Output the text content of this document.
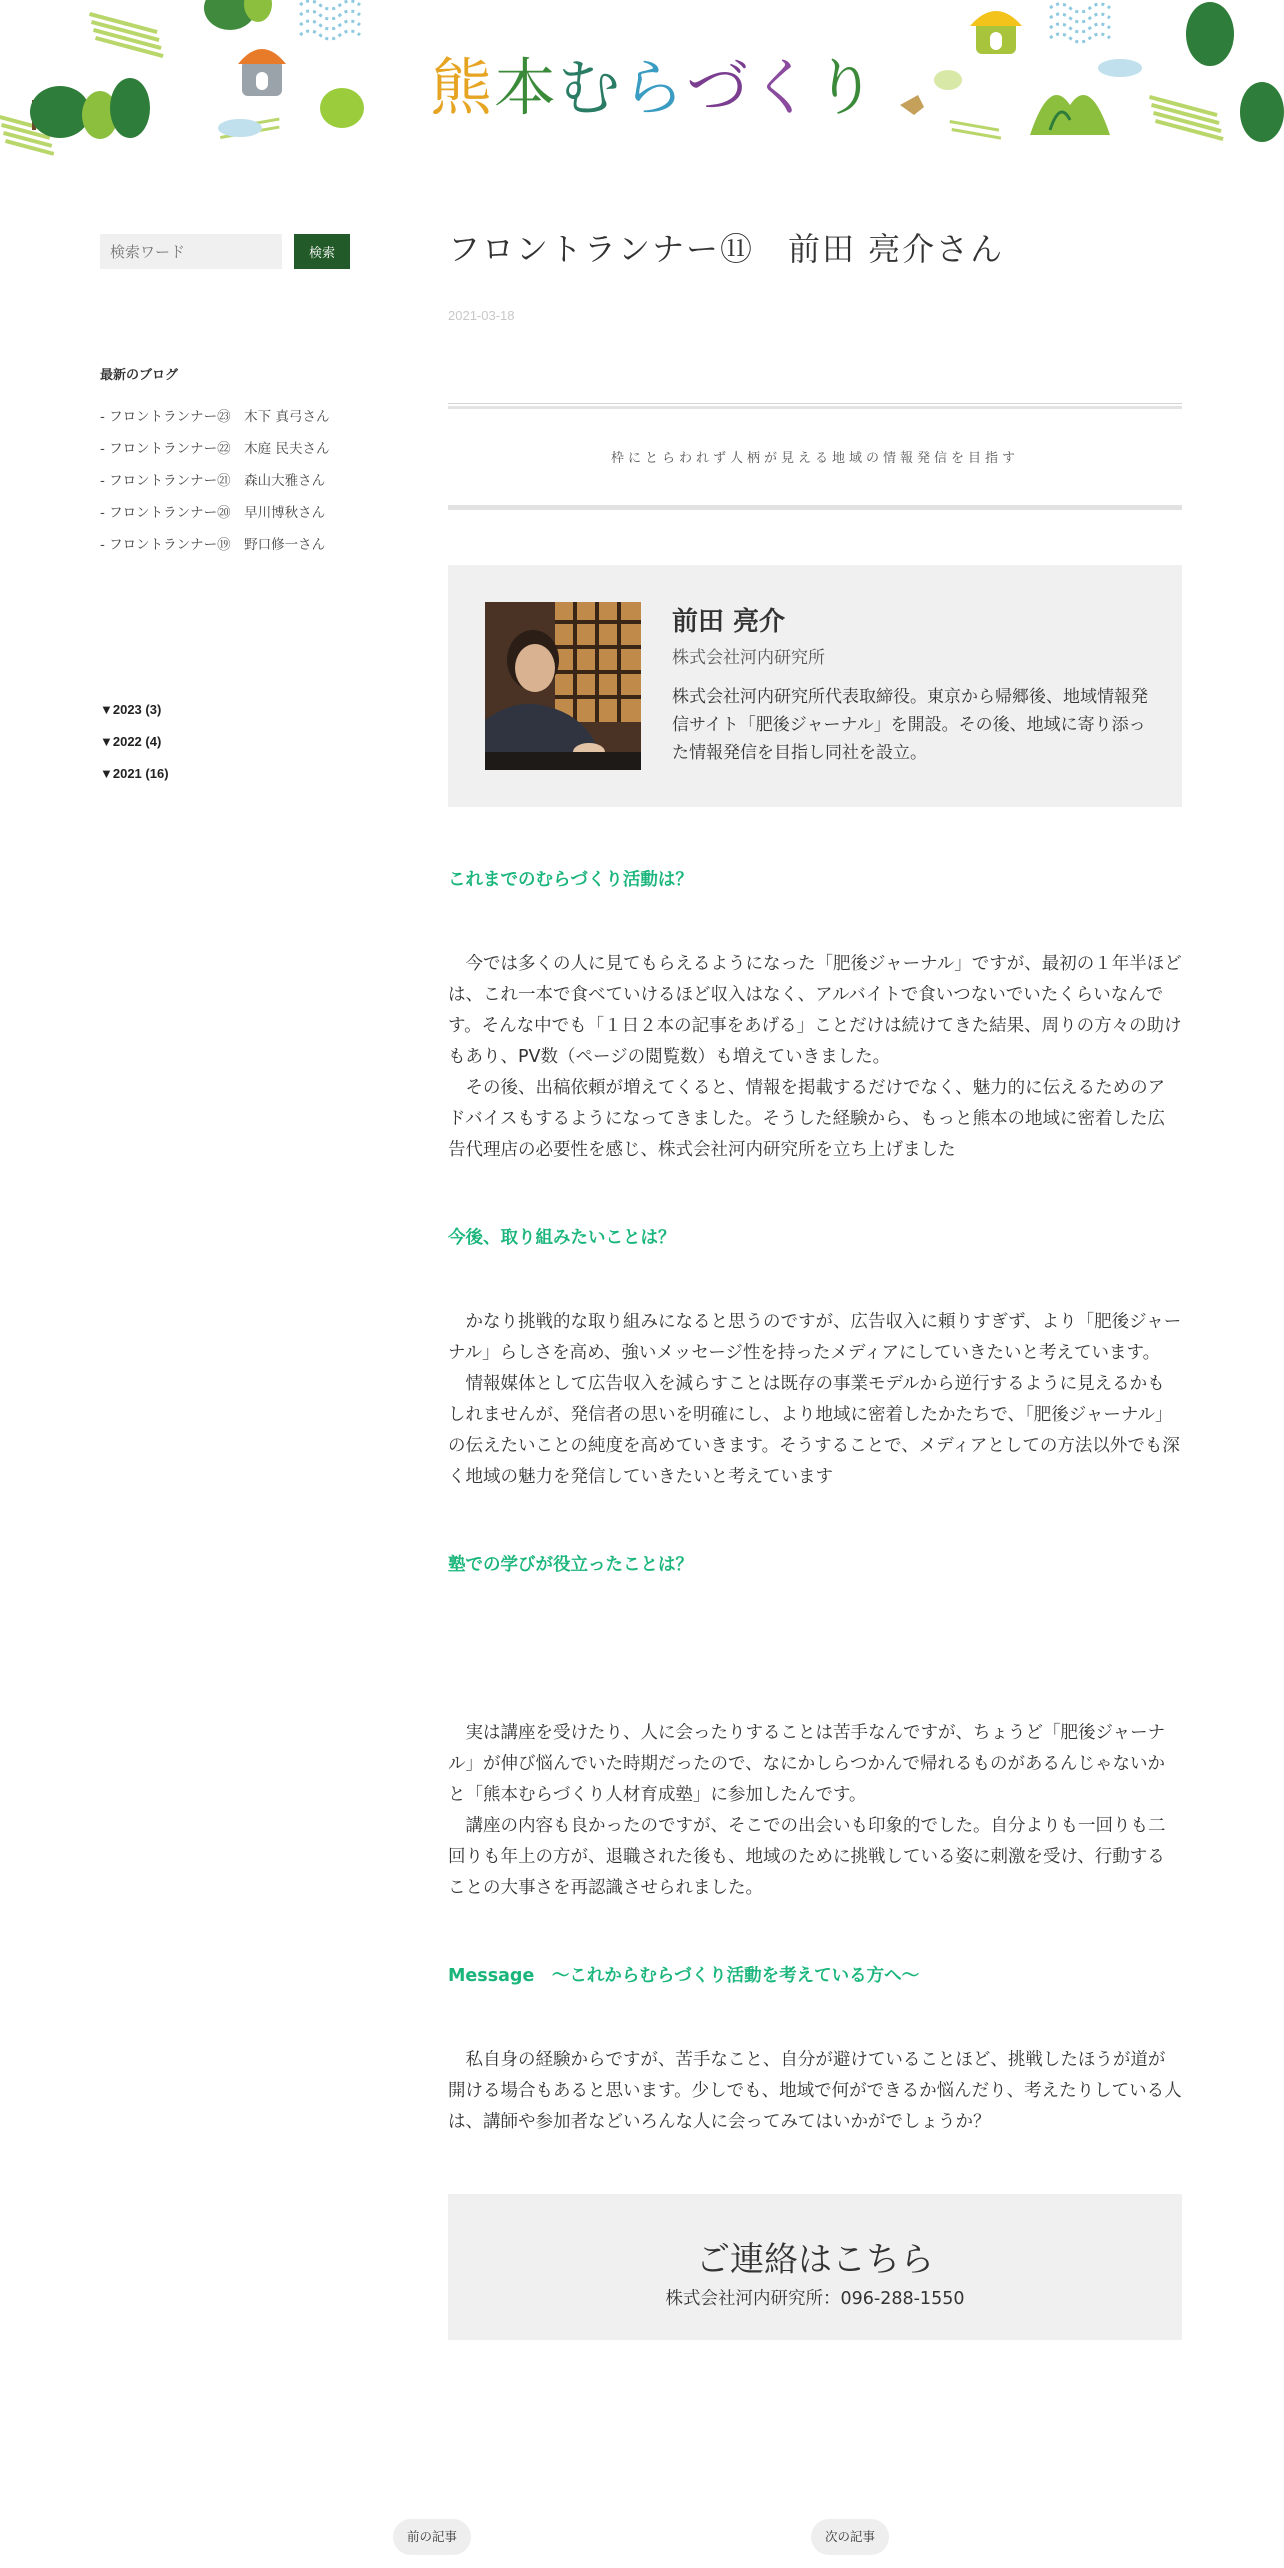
熊本むらづくり
検索ワード
検索
最新のブログ
- フロントランナー㉓　木下 真弓さん
- フロントランナー㉒　木庭 民夫さん
- フロントランナー㉑　森山大雅さん
- フロントランナー⑳　早川博秋さん
- フロントランナー⑲　野口修一さん
▼2023 (3)
▼2022 (4)
▼2021 (16)
フロントランナー⑪　前田 亮介さん
2021-03-18
枠にとらわれず人柄が見える地域の情報発信を目指す
前田 亮介
株式会社河内研究所
株式会社河内研究所代表取締役。東京から帰郷後、地域情報発信サイト「肥後ジャーナル」を開設。その後、地域に寄り添った情報発信を目指し同社を設立。
これまでのむらづくり活動は？

今では多くの人に見てもらえるようになった「肥後ジャーナル」ですが、最初の１年半ほどは、これ一本で食べていけるほど収入はなく、アルバイトで食いつないでいたくらいなんです。そんな中でも「１日２本の記事をあげる」ことだけは続けてきた結果、周りの方々の助けもあり、PV数（ページの閲覧数）も増えていきました。

その後、出稿依頼が増えてくると、情報を掲載するだけでなく、魅力的に伝えるためのアドバイスもするようになってきました。そうした経験から、もっと熊本の地域に密着した広告代理店の必要性を感じ、株式会社河内研究所を立ち上げました

今後、取り組みたいことは？

かなり挑戦的な取り組みになると思うのですが、広告収入に頼りすぎず、より「肥後ジャーナル」らしさを高め、強いメッセージ性を持ったメディアにしていきたいと考えています。

情報媒体として広告収入を減らすことは既存の事業モデルから逆行するように見えるかもしれませんが、発信者の思いを明確にし、より地域に密着したかたちで、「肥後ジャーナル」の伝えたいことの純度を高めていきます。そうすることで、メディアとしての方法以外でも深く地域の魅力を発信していきたいと考えています

塾での学びが役立ったことは？

実は講座を受けたり、人に会ったりすることは苦手なんですが、ちょうど「肥後ジャーナル」が伸び悩んでいた時期だったので、なにかしらつかんで帰れるものがあるんじゃないかと「熊本むらづくり人材育成塾」に参加したんです。

講座の内容も良かったのですが、そこでの出会いも印象的でした。自分よりも一回りも二回りも年上の方が、退職された後も、地域のために挑戦している姿に刺激を受け、行動することの大事さを再認識させられました。

Message　～これからむらづくり活動を考えている方へ～

私自身の経験からですが、苦手なこと、自分が避けていることほど、挑戦したほうが道が開ける場合もあると思います。少しでも、地域で何ができるか悩んだり、考えたりしている人は、講師や参加者などいろんな人に会ってみてはいかがでしょうか？

ご連絡はこちら
株式会社河内研究所：096-288-1550
前の記事	次の記事
